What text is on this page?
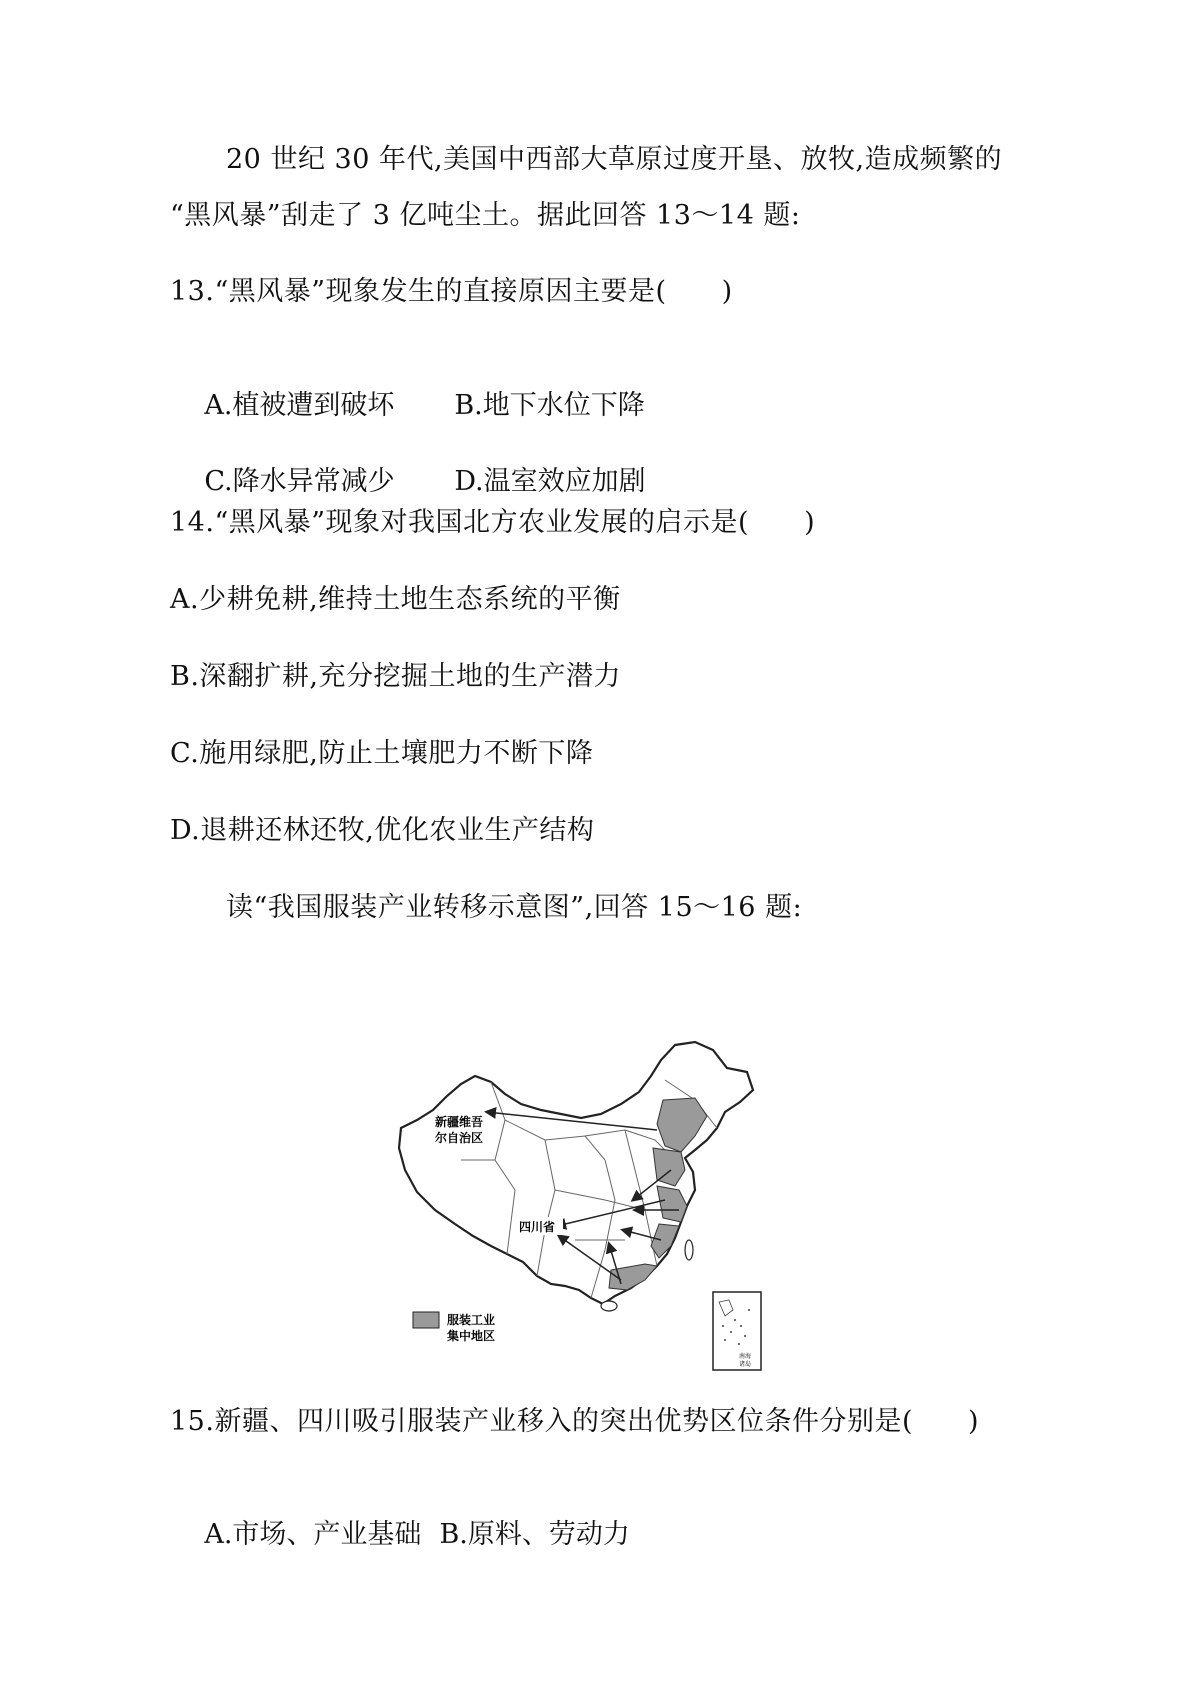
20 世纪 30 年代,美国中西部大草原过度开垦、放牧,造成频繁的

“黑风暴”刮走了 3 亿吨尘土。据此回答 13～14 题:

13.“黑风暴”现象发生的直接原因主要是(　　)

A.植被遭到破坏 B.地下水位下降

C.降水异常减少 D.温室效应加剧

14.“黑风暴”现象对我国北方农业发展的启示是(　　)

A.少耕免耕,维持土地生态系统的平衡

B.深翻扩耕,充分挖掘土地的生产潜力

C.施用绿肥,防止土壤肥力不断下降

D.退耕还林还牧,优化农业生产结构

读“我国服装产业转移示意图”,回答 15～16 题:

新疆维吾
尔自治区
四川省
服装工业
集中地区
南海
诸岛

15.新疆、四川吸引服装产业移入的突出优势区位条件分别是(　　)

A.市场、产业基础 B.原料、劳动力
